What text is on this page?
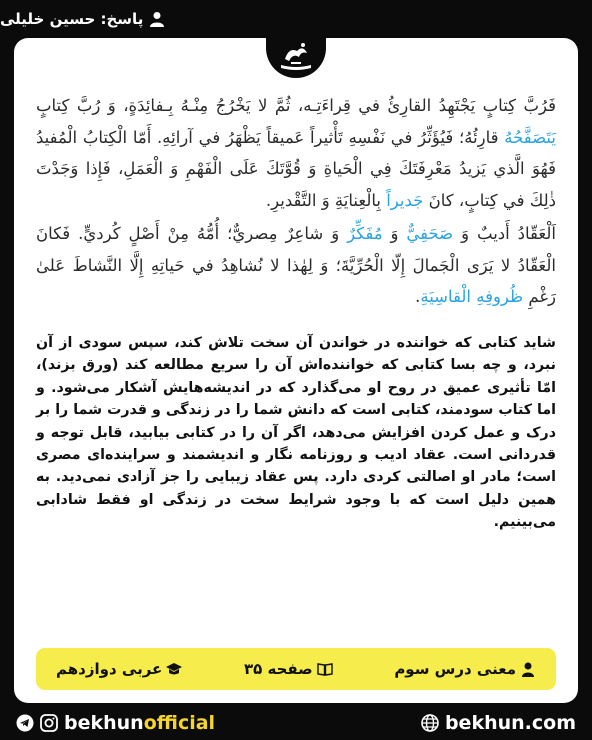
پاسخ: حسین خلیلی

فَرُبَّ كِتابٍ يَجْتَهِدُ القارِئُ في قِراءَتِـه، ثُمَّ لا يَخْرُجُ مِنْـهُ بِـفائِدَةٍ، وَ رُبَّ كِتابٍ يَتَصَفَّحُهُ قارِئُهُ؛ فَيُؤَثِّرُ في نَفْسِهِ تَأْثيراً عَميقاً يَظْهَرُ في آرائِهِ. أَمّا الْكِتابُ الْمُفيدُ فَهُوَ الَّذي يَزيدُ مَعْرِفَتَكَ فِي الْحَياةِ وَ قُوَّتَكَ عَلَى الْفَهْمِ وَ الْعَمَلِ، فَإِذا وَجَدْتَ ذٰلِكَ في كِتابٍ، كانَ جَديراً بِالْعِنايَةِ وَ التَّقْديرِ.

اَلْعَقّادُ أَديبٌ وَ صَحَفِيٌّ وَ مُفَكِّرٌ وَ شاعِرٌ مِصريٌّ؛ أُمُّهُ مِنْ أَصْلٍ كُرديٍّ. فَكانَ الْعَقّادُ لا يَرَى الْجَمالَ إِلّا الْحُرِّيَّةَ؛ وَ لِهٰذا لا نُشاهِدُ في حَياتِهِ إِلَّا النَّشاطَ عَلىٰ رَغْمِ ظُروفِهِ الْقاسِيَةِ.

شاید کتابی که خواننده در خواندن آن سخت تلاش کند، سپس سودی از آن نبرد، و چه بسا کتابی که خواننده‌اش آن را سریع مطالعه کند (ورق بزند)، امّا تأثیری عمیق در روح او می‌گذارد که در اندیشه‌هایش آشکار می‌شود. و اما کتاب سودمند، کتابی است که دانش شما را در زندگی و قدرت شما را بر درک و عمل کردن افزایش می‌دهد، اگر آن را در کتابی بیابید، قابل توجه و قدردانی است. عقاد ادیب و روزنامه نگار و اندیشمند و سراینده‌ای مصری است؛ مادر او اصالتی کردی دارد. پس عقاد زیبایی را جز آزادی نمی‌دید. به همین دلیل است که با وجود شرایط سخت در زندگی او فقط شادابی می‌بینیم.
معنی درس سوم
صفحه ۳۵
عربی دوازدهم
bekhunofficial	bekhun.com
